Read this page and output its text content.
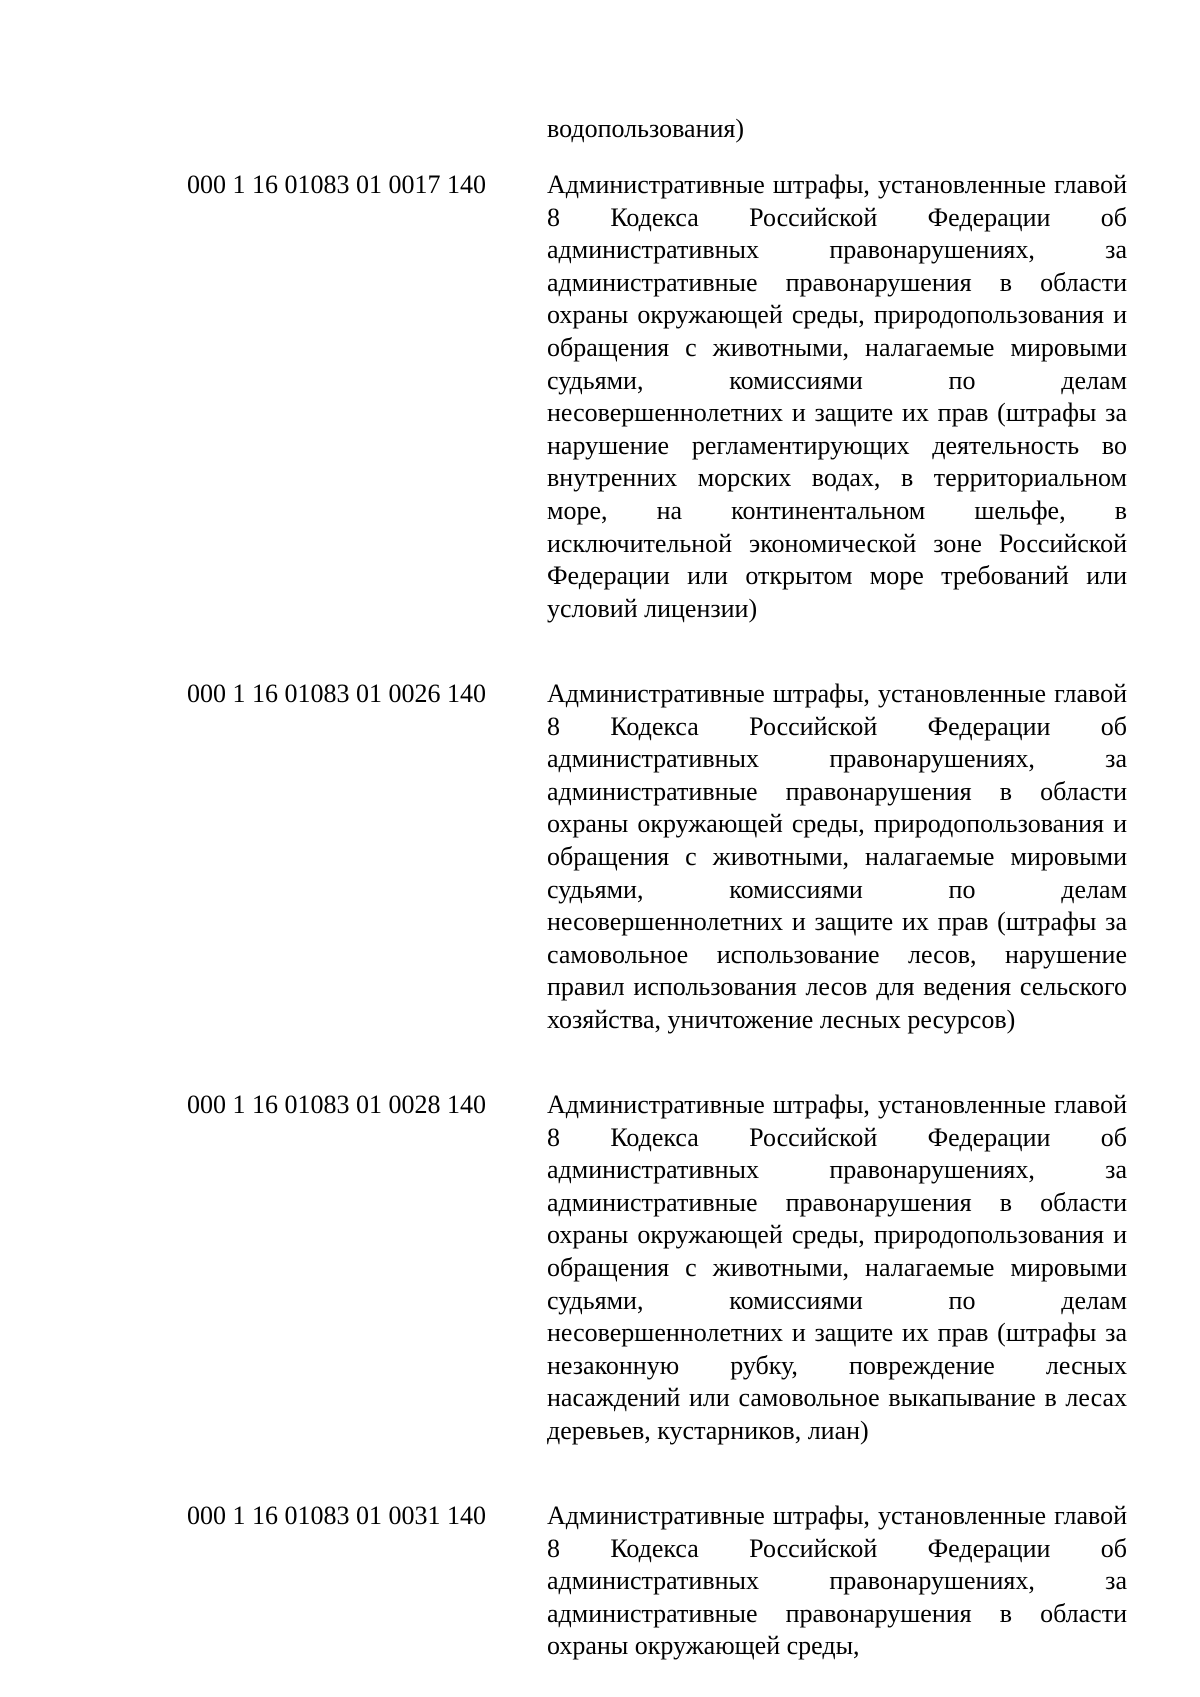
водопользования)
000 1 16 01083 01 0017 140 Административные штрафы, установленные главой 8 Кодекса Российской Федерации об административных правонарушениях, за административные правонарушения в области охраны окружающей среды, природопользования и обращения с животными, налагаемые мировыми судьями, комиссиями по делам несовершеннолетних и защите их прав (штрафы за нарушение регламентирующих деятельность во внутренних морских водах, в территориальном море, на континентальном шельфе, в исключительной экономической зоне Российской Федерации или открытом море требований или условий лицензии)
000 1 16 01083 01 0026 140 Административные штрафы, установленные главой 8 Кодекса Российской Федерации об административных правонарушениях, за административные правонарушения в области охраны окружающей среды, природопользования и обращения с животными, налагаемые мировыми судьями, комиссиями по делам несовершеннолетних и защите их прав (штрафы за самовольное использование лесов, нарушение правил использования лесов для ведения сельского хозяйства, уничтожение лесных ресурсов)
000 1 16 01083 01 0028 140 Административные штрафы, установленные главой 8 Кодекса Российской Федерации об административных правонарушениях, за административные правонарушения в области охраны окружающей среды, природопользования и обращения с животными, налагаемые мировыми судьями, комиссиями по делам несовершеннолетних и защите их прав (штрафы за незаконную рубку, повреждение лесных насаждений или самовольное выкапывание в лесах деревьев, кустарников, лиан)
000 1 16 01083 01 0031 140 Административные штрафы, установленные главой 8 Кодекса Российской Федерации об административных правонарушениях, за административные правонарушения в области охраны окружающей среды,
